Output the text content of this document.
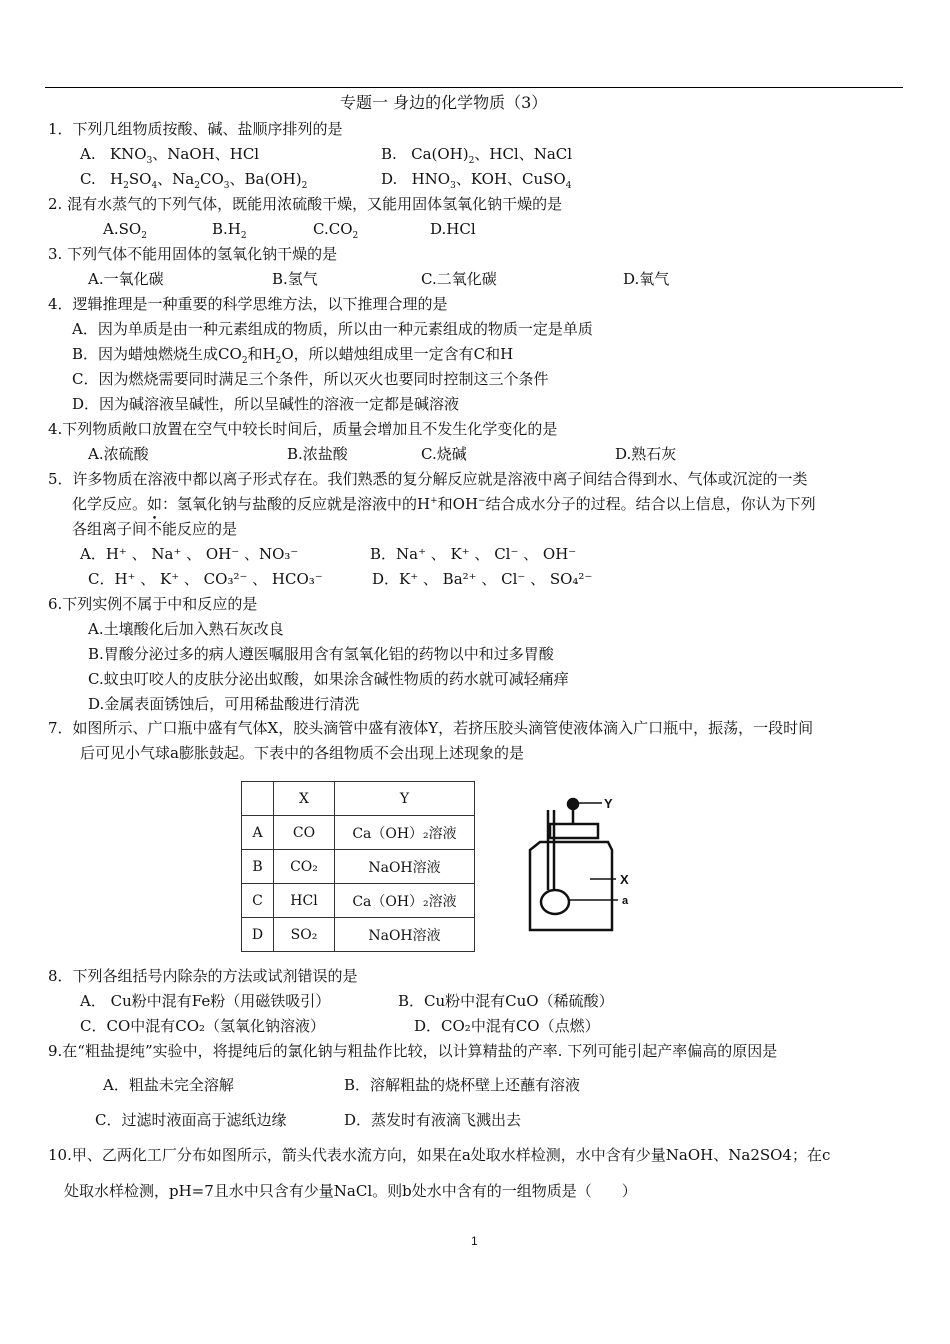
专题一 身边的化学物质（3）
1．下列几组物质按酸、碱、盐顺序排列的是
A. $KNO_3$、NaOH、HCl	B. $Ca(OH)_2$、HCl、NaCl
C. $H_2SO_4$、$Na_2CO_3$、$Ba(OH)_2$	D. $HNO_3$、KOH、CuSO$_4$
2. 混有水蒸气的下列气体，既能用浓硫酸干燥，又能用固体氢氧化钠干燥的是
$A.SO_2$	$B.H_2$	$C.CO_2$	D.HCl
3. 下列气体不能用固体的氢氧化钠干燥的是
A.一氧化碳	B.氢气	C.二氧化碳	D.氧气
4．逻辑推理是一种重要的科学思维方法，以下推理合理的是
A．因为单质是由一种元素组成的物质，所以由一种元素组成的物质一定是单质
B．因为蜡烛燃烧生成$CO_2$和$H_2O$，所以蜡烛组成里一定含有C和H
C．因为燃烧需要同时满足三个条件，所以灭火也要同时控制这三个条件
D．因为碱溶液呈碱性，所以呈碱性的溶液一定都是碱溶液
4.下列物质敞口放置在空气中较长时间后，质量会增加且不发生化学变化的是
A.浓硫酸	B.浓盐酸	C.烧碱	D.熟石灰
5．许多物质在溶液中都以离子形式存在。我们熟悉的复分解反应就是溶液中离子间结合得到水、气体或沉淀的一类
化学反应。如：氢氧化钠与盐酸的反应就是溶液中的H+和OH−结合成水分子的过程。结合以上信息，你认为下列
各组离子间不能反应的是
A．H⁺ 、 Na⁺ 、 OH⁻ 、NO₃⁻	B．Na⁺ 、 K⁺ 、 Cl⁻ 、 OH⁻
C．H⁺ 、 K⁺ 、 CO₃²⁻ 、 HCO₃⁻	D．K⁺ 、 Ba²⁺ 、 Cl⁻ 、 SO₄²⁻
6.下列实例不属于中和反应的是
A.土壤酸化后加入熟石灰改良
B.胃酸分泌过多的病人遵医嘱服用含有氢氧化铝的药物以中和过多胃酸
C.蚊虫叮咬人的皮肤分泌出蚁酸，如果涂含碱性物质的药水就可减轻痛痒
D.金属表面锈蚀后，可用稀盐酸进行清洗
7．如图所示、广口瓶中盛有气体X，胶头滴管中盛有液体Y，若挤压胶头滴管使液体滴入广口瓶中，振荡，一段时间
后可见小气球a膨胀鼓起。下表中的各组物质不会出现上述现象的是
	X	Y
A	CO	Ca（OH）₂溶液
B	CO₂	NaOH溶液
C	HCl	Ca（OH）₂溶液
D	SO₂	NaOH溶液
Y
X
a
8．下列各组括号内除杂的方法或试剂错误的是
A． Cu粉中混有Fe粉（用磁铁吸引）	B．Cu粉中混有CuO（稀硫酸）
C．CO中混有CO₂（氢氧化钠溶液）	D．CO₂中混有CO（点燃）
9.在“粗盐提纯”实验中，将提纯后的氯化钠与粗盐作比较，以计算精盐的产率. 下列可能引起产率偏高的原因是
A．粗盐未完全溶解	B．溶解粗盐的烧杯壁上还蘸有溶液
C．过滤时液面高于滤纸边缘	D．蒸发时有液滴飞溅出去
10.甲、乙两化工厂分布如图所示，箭头代表水流方向，如果在a处取水样检测，水中含有少量NaOH、Na2SO4；在c
处取水样检测，pH=7且水中只含有少量NaCl。则b处水中含有的一组物质是（　　）
1
